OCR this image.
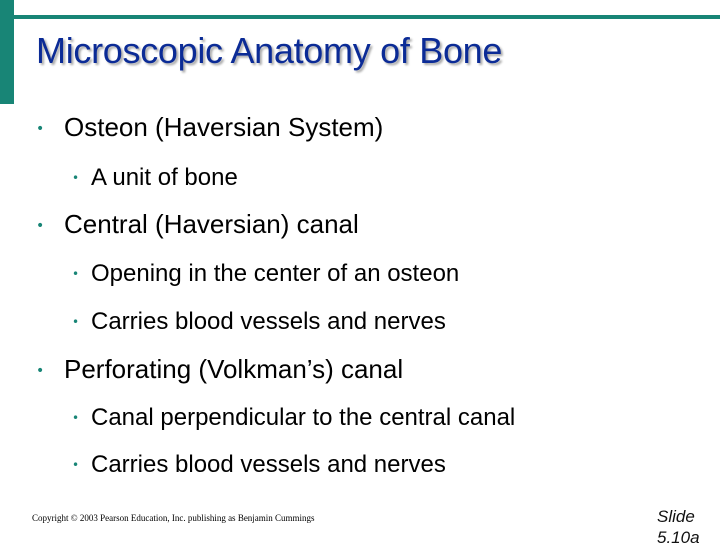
Microscopic Anatomy of Bone
• Osteon (Haversian System)
• A unit of bone
• Central (Haversian) canal
• Opening in the center of an osteon
• Carries blood vessels and nerves
• Perforating (Volkman’s) canal
• Canal perpendicular to the central canal
• Carries blood vessels and nerves
Copyright © 2003 Pearson Education, Inc. publishing as Benjamin Cummings	Slide 5.10a
